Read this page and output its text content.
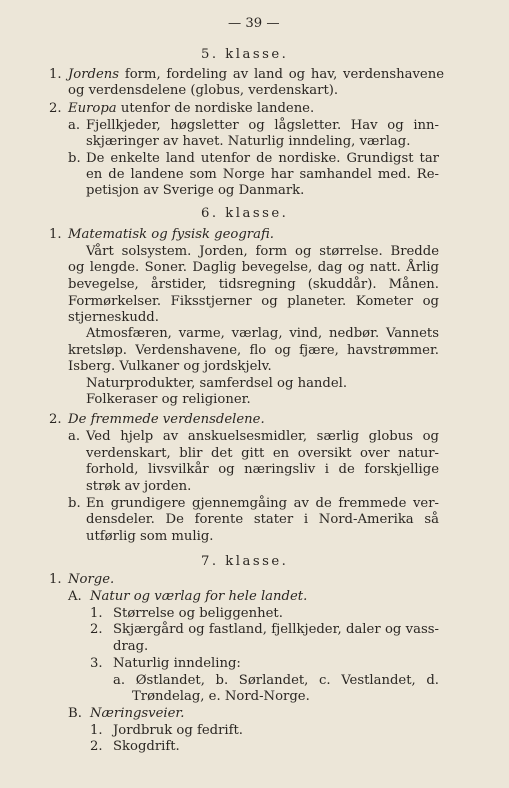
— 39 —
5. klasse.
1. Jordens form, fordeling av land og hav, verdenshavene
og verdensdelene (globus, verdenskart).
2. Europa utenfor de nordiske landene.
a. Fjellkjeder, høgsletter og lågsletter. Hav og inn-
skjæringer av havet. Naturlig inndeling, værlag.
b. De enkelte land utenfor de nordiske. Grundigst tar
en de landene som Norge har samhandel med. Re-
petisjon av Sverige og Danmark.
6. klasse.
1. Matematisk og fysisk geografi.
Vårt solsystem. Jorden, form og størrelse. Bredde
og lengde. Soner. Daglig bevegelse, dag og natt. Årlig
bevegelse, årstider, tidsregning (skuddår). Månen.
Formørkelser. Fiksstjerner og planeter. Kometer og
stjerneskudd.
Atmosfæren, varme, værlag, vind, nedbør. Vannets
kretsløp. Verdenshavene, flo og fjære, havstrømmer.
Isberg. Vulkaner og jordskjelv.
Naturprodukter, samferdsel og handel.
Folkeraser og religioner.
2. De fremmede verdensdelene.
a. Ved hjelp av anskuelsesmidler, særlig globus og
verdenskart, blir det gitt en oversikt over natur-
forhold, livsvilkår og næringsliv i de forskjellige
strøk av jorden.
b. En grundigere gjennemgåing av de fremmede ver-
densdeler. De forente stater i Nord-Amerika så
utførlig som mulig.
7. klasse.
1. Norge.
A. Natur og værlag for hele landet.
1. Størrelse og beliggenhet.
2. Skjærgård og fastland, fjellkjeder, daler og vass-
drag.
3. Naturlig inndeling:
a. Østlandet, b. Sørlandet, c. Vestlandet, d.
Trøndelag, e. Nord-Norge.
B. Næringsveier.
1. Jordbruk og fedrift.
2. Skogdrift.
